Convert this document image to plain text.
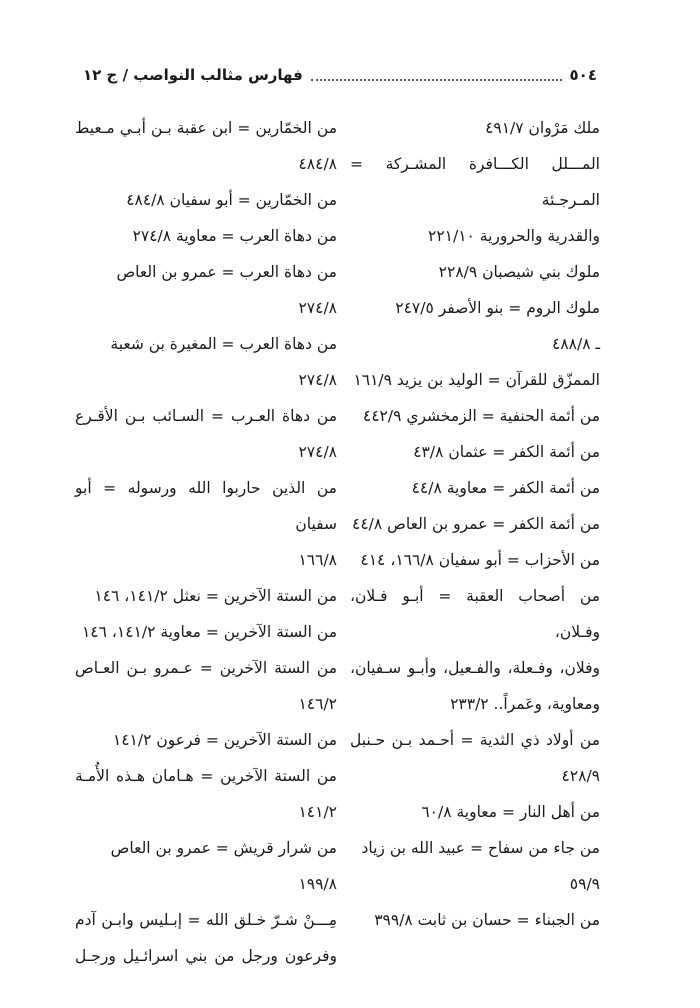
٥٠٤
فهارس مثالب النواصب / ج ١٢
ملك مَرْوان ٤٩١/٧
المـــلل الكـــافرة المشـركة = المـرجـئة
والقدرية والحرورية ٢٢١/١٠
ملوك بني شيصبان ٢٢٨/٩
ملوك الروم = بنو الأصفر ٢٤٧/٥
ـ ٤٨٨/٨
الممزّق للقرآن = الوليد بن يزيد ١٦١/٩
من أئمة الحنفية = الزمخشري ٤٤٢/٩
من أئمة الكفر = عثمان ٤٣/٨
من أئمة الكفر = معاوية ٤٤/٨
من أئمة الكفر = عمرو بن العاص ٤٤/٨
من الأحزاب = أبو سفيان ١٦٦/٨، ٤١٤
من أصحاب العقبة = أبـو فـلان، وفـلان،
وفلان، وفـعلة، والفـعيل، وأبـو سـفيان،
ومعاوية، وعَمراً.. ٢٣٣/٢
من أولاد ذي الثدية = أحـمد بـن حـنبل
٤٢٨/٩
من أهل النار = معاوية ٦٠/٨
من جاء من سفاح = عبيد الله بن زياد ٥٩/٩
من الجبناء = حسان بن ثابت ٣٩٩/٨
من الخمّارين = ابن عقبة بـن أبـي مـعيط
٤٨٤/٨
من الخمّارين = أبو سفيان ٤٨٤/٨
من دهاة العرب = معاوية ٢٧٤/٨
من دهاة العرب = عمرو بن العاص ٢٧٤/٨
من دهاة العرب = المغيرة بن شعبة ٢٧٤/٨
من دهاة العـرب = السـائب بـن الأقـرع
٢٧٤/٨
من الذين حاربوا الله ورسوله = أبو سفيان
١٦٦/٨
من الستة الآخرين = نعثل ١٤١/٢، ١٤٦
من الستة الآخرين = معاوية ١٤١/٢، ١٤٦
من الستة الآخرين = عـمرو بـن العـاص
١٤٦/٢
من الستة الآخرين = فرعون ١٤١/٢
من الستة الآخرين = هـامان هـذه الأُمـة
١٤١/٢
من شرار قريش = عمرو بن العاص ١٩٩/٨
مِـــنْ شـرّ خـلق الله = إبـليس وابـن آدم
وفرعون ورجل من بني اسرائـيل ورجـل
